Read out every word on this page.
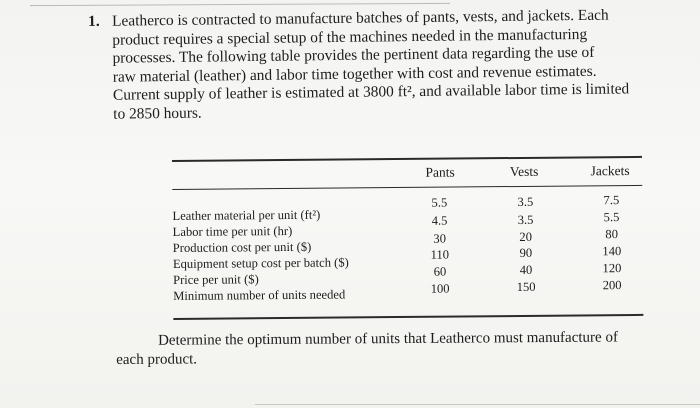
1. Leatherco is contracted to manufacture batches of pants, vests, and jackets. Each
product requires a special setup of the machines needed in the manufacturing
processes. The following table provides the pertinent data regarding the use of
raw material (leather) and labor time together with cost and revenue estimates.
Current supply of leather is estimated at 3800 ft², and available labor time is limited
to 2850 hours.
Pants	Vests	Jackets
Leather material per unit (ft²)
Labor time per unit (hr)
Production cost per unit ($)
Equipment setup cost per batch ($)
Price per unit ($)
Minimum number of units needed
5.5
4.5
30
110
60
100
3.5
3.5
20
90
40
150
7.5
5.5
80
140
120
200
Determine the optimum number of units that Leatherco must manufacture of
each product.
